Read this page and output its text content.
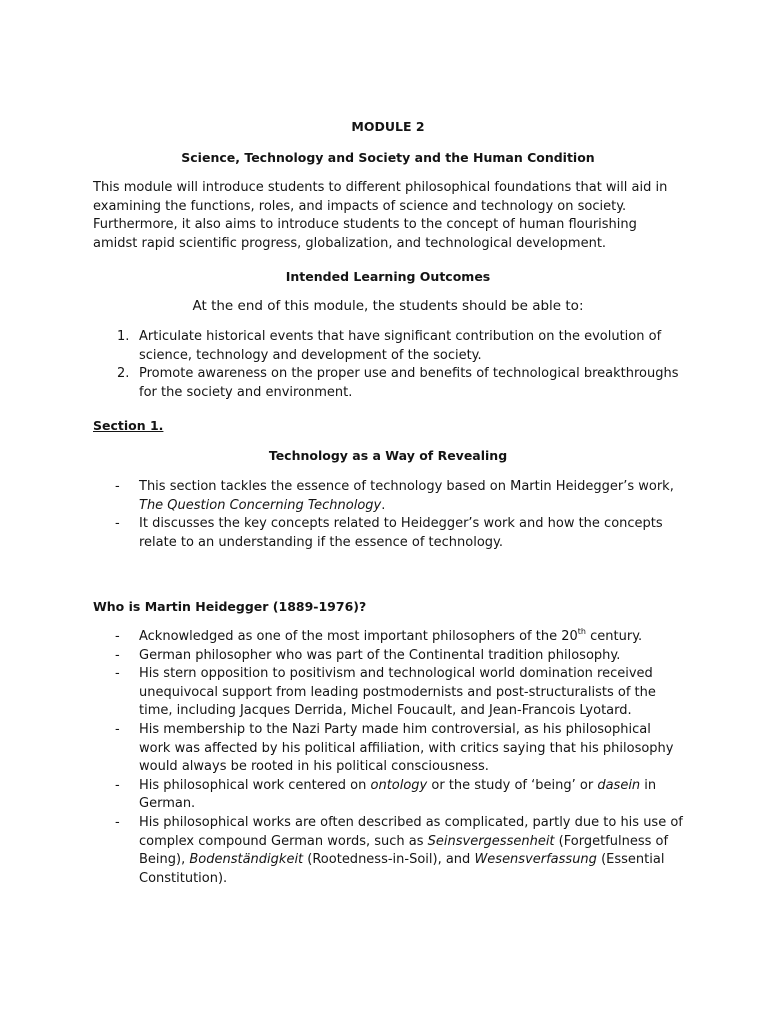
MODULE 2
Science, Technology and Society and the Human Condition
This module will introduce students to different philosophical foundations that will aid in examining the functions, roles, and impacts of science and technology on society. Furthermore, it also aims to introduce students to the concept of human flourishing amidst rapid scientific progress, globalization, and technological development.
Intended Learning Outcomes
At the end of this module, the students should be able to:
1. Articulate historical events that have significant contribution on the evolution of science, technology and development of the society.
2. Promote awareness on the proper use and benefits of technological breakthroughs for the society and environment.
Section 1.
Technology as a Way of Revealing
- This section tackles the essence of technology based on Martin Heidegger’s work, The Question Concerning Technology.
- It discusses the key concepts related to Heidegger’s work and how the concepts relate to an understanding if the essence of technology.
Who is Martin Heidegger (1889-1976)?
- Acknowledged as one of the most important philosophers of the 20th century.
- German philosopher who was part of the Continental tradition philosophy.
- His stern opposition to positivism and technological world domination received unequivocal support from leading postmodernists and post-structuralists of the time, including Jacques Derrida, Michel Foucault, and Jean-Francois Lyotard.
- His membership to the Nazi Party made him controversial, as his philosophical work was affected by his political affiliation, with critics saying that his philosophy would always be rooted in his political consciousness.
- His philosophical work centered on ontology or the study of ‘being’ or dasein in German.
- His philosophical works are often described as complicated, partly due to his use of complex compound German words, such as Seinsvergessenheit (Forgetfulness of Being), Bodenständigkeit (Rootedness-in-Soil), and Wesensverfassung (Essential Constitution).
